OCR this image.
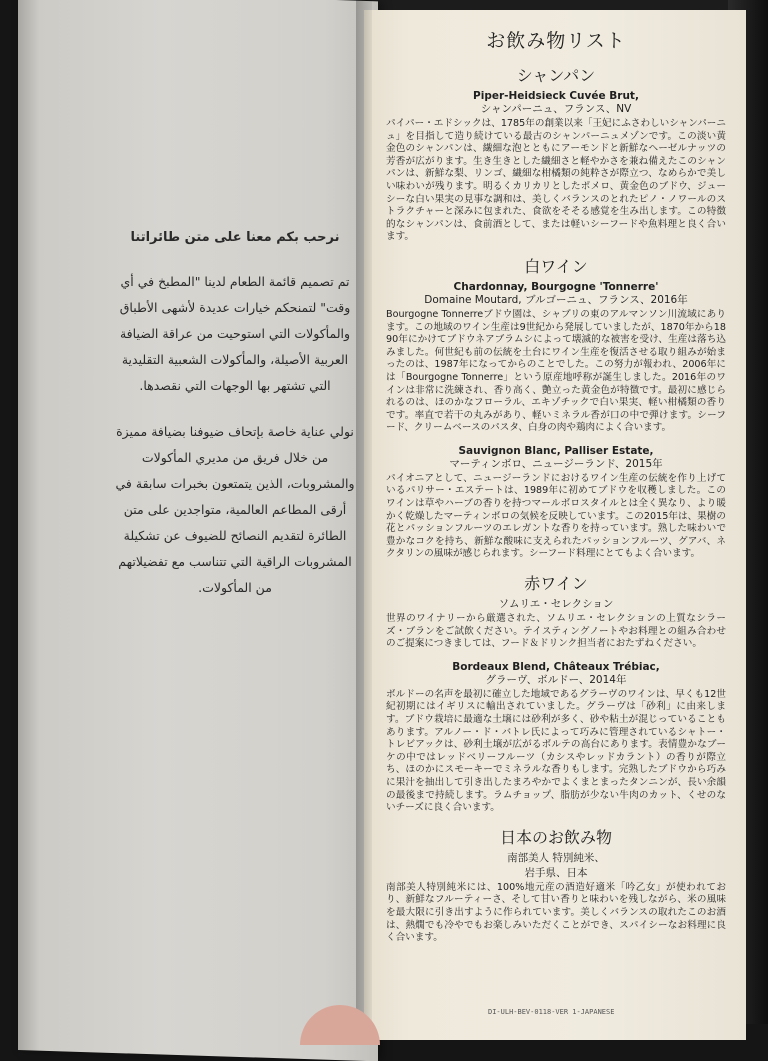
نرحب بكم معنا على متن طائراتنا

تم تصميم قائمة الطعام لدينا "المطبخ في أي وقت" لتمنحكم خيارات عديدة لأشهى الأطباق والمأكولات التي استوحيت من عراقة الضيافة العربية الأصيلة، والمأكولات الشعبية التقليدية التي تشتهر بها الوجهات التي نقصدها.

نولي عناية خاصة بإتحاف ضيوفنا بضيافة مميزة من خلال فريق من مديري المأكولات والمشروبات، الذين يتمتعون بخبرات سابقة في أرقى المطاعم العالمية، متواجدين على متن الطائرة لتقديم النصائح للضيوف عن تشكيلة المشروبات الراقية التي تتناسب مع تفضيلاتهم من المأكولات.

お飲み物リスト
シャンパン
Piper-Heidsieck Cuvée Brut,
シャンパーニュ、フランス、NV

パイパー・エドシックは、1785年の創業以来「王妃にふさわしいシャンパーニュ」を目指して造り続けている最古のシャンパーニュメゾンです。この淡い黄金色のシャンパンは、繊細な泡とともにアーモンドと新鮮なヘーゼルナッツの芳香が広がります。生き生きとした繊細さと軽やかさを兼ね備えたこのシャンパンは、新鮮な梨、リンゴ、繊細な柑橘類の純粋さが際立つ、なめらかで美しい味わいが残ります。明るくカリカリとしたポメロ、黄金色のブドウ、ジューシーな白い果実の見事な調和は、美しくバランスのとれたピノ・ノワールのストラクチャーと深みに包まれた、食欲をそそる感覚を生み出します。この特徴的なシャンパンは、食前酒として、または軽いシーフードや魚料理と良く合います。

白ワイン
Chardonnay, Bourgogne 'Tonnerre'
Domaine Moutard, ブルゴーニュ、フランス、2016年

Bourgogne Tonnerreブドウ園は、シャブリの東のアルマンソン川流域にあります。この地域のワイン生産は9世紀から発展していましたが、1870年から1890年にかけてブドウネアブラムシによって壊滅的な被害を受け、生産は落ち込みました。何世紀も前の伝統を土台にワイン生産を復活させる取り組みが始まったのは、1987年になってからのことでした。この努力が報われ、2006年には「Bourgogne Tonnerre」という原産地呼称が誕生しました。2016年のワインは非常に洗練され、香り高く、艶立った黄金色が特徴です。最初に感じられるのは、ほのかなフローラル、エキゾチックで白い果実、軽い柑橘類の香りです。率直で若干の丸みがあり、軽いミネラル香が口の中で弾けます。シーフード、クリームベースのパスタ、白身の肉や鶏肉によく合います。

Sauvignon Blanc, Palliser Estate,
マーティンボロ、ニュージーランド、2015年

パイオニアとして、ニュージーランドにおけるワイン生産の伝統を作り上げているパリサー・エステートは、1989年に初めてブドウを収穫しました。このワインは草やハーブの香りを持つマールボロスタイルとは全く異なり、より暖かく乾燥したマーティンボロの気候を反映しています。この2015年は、果樹の花とパッションフルーツのエレガントな香りを持っています。熟した味わいで豊かなコクを持ち、新鮮な酸味に支えられたパッションフルーツ、グアバ、ネクタリンの風味が感じられます。シーフード料理にとてもよく合います。

赤ワイン
ソムリエ・セレクション

世界のワイナリーから厳選された、ソムリエ・セレクションの上質なシラーズ・ブランをご試飲ください。テイスティングノートやお料理との組み合わせのご提案につきましては、フード＆ドリンク担当者におたずねください。

Bordeaux Blend, Châteaux Trébiac,
グラーヴ、ボルドー、2014年

ボルドーの名声を最初に確立した地域であるグラーヴのワインは、早くも12世紀初期にはイギリスに輸出されていました。グラーヴは「砂利」に由来します。ブドウ栽培に最適な土壌には砂利が多く、砂や粘土が混じっていることもあります。アルノー・ド・バトレ氏によって巧みに管理されているシャトー・トレビアックは、砂利土壌が広がるボルテの高台にあります。表情豊かなブーケの中ではレッドベリーフルーツ（カシスやレッドカラント）の香りが際立ち、ほのかにスモーキーでミネラルな香りもします。完熟したブドウから巧みに果汁を抽出して引き出したまろやかでよくまとまったタンニンが、長い余韻の最後まで持続します。ラムチョップ、脂肪が少ない牛肉のカット、くせのないチーズに良く合います。

日本のお飲み物
南部美人 特別純米、
岩手県、日本

南部美人特別純米には、100%地元産の酒造好適米「吟乙女」が使われており、新鮮なフルーティーさ、そして甘い香りと味わいを残しながら、米の風味を最大限に引き出すように作られています。美しくバランスの取れたこのお酒は、熱燗でも冷やでもお楽しみいただくことができ、スパイシーなお料理に良く合います。

DI-ULH-BEV-0118-VER 1-JAPANESE
